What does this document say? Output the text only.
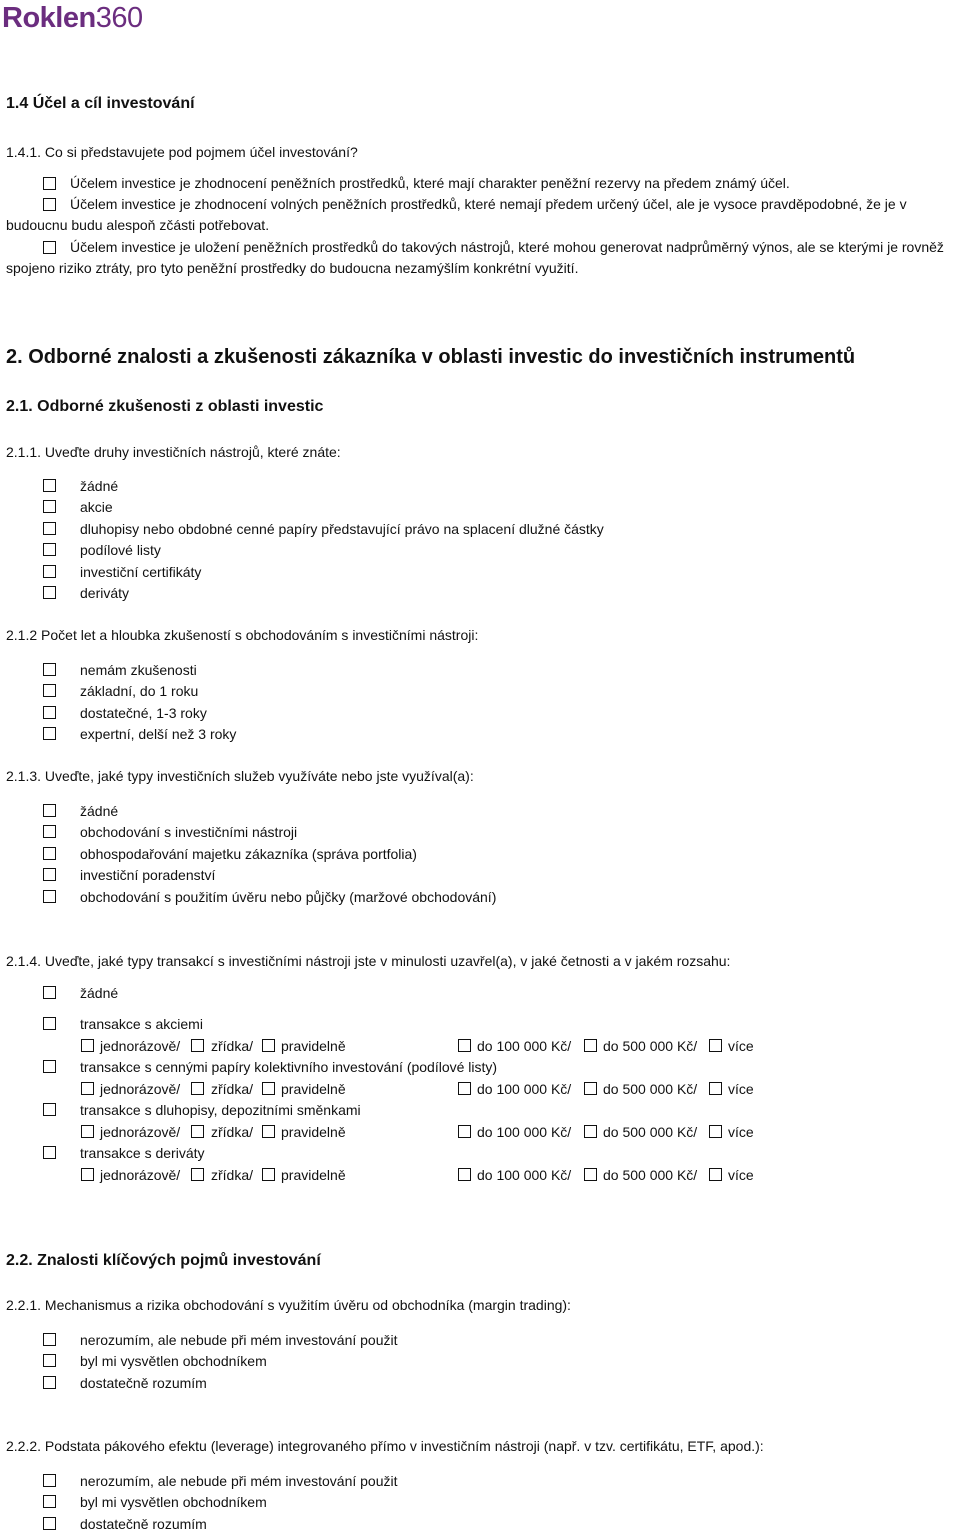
Roklen360
1.4 Účel a cíl investování
1.4.1. Co si představujete pod pojmem účel investování?
Účelem investice je zhodnocení peněžních prostředků, které mají charakter peněžní rezervy na předem známý účel.
Účelem investice je zhodnocení volných peněžních prostředků, které nemají předem určený účel, ale je vysoce pravděpodobné, že je v budoucnu budu alespoň zčásti potřebovat.
Účelem investice je uložení peněžních prostředků do takových nástrojů, které mohou generovat nadprůměrný výnos, ale se kterými je rovněž spojeno riziko ztráty, pro tyto peněžní prostředky do budoucna nezamýšlím konkrétní využití.
2. Odborné znalosti a zkušenosti zákazníka v oblasti investic do investičních instrumentů
2.1. Odborné zkušenosti z oblasti investic
2.1.1. Uveďte druhy investičních nástrojů, které znáte:
žádné
akcie
dluhopisy nebo obdobné cenné papíry představující právo na splacení dlužné částky
podílové listy
investiční certifikáty
deriváty
2.1.2 Počet let a hloubka zkušeností s obchodováním s investičními nástroji:
nemám zkušenosti
základní, do 1 roku
dostatečné, 1-3 roky
expertní, delší než 3 roky
2.1.3. Uveďte, jaké typy investičních služeb využíváte nebo jste využíval(a):
žádné
obchodování s investičními nástroji
obhospodařování majetku zákazníka (správa portfolia)
investiční poradenství
obchodování s použitím úvěru nebo půjčky (maržové obchodování)
2.1.4. Uveďte, jaké typy transakcí s investičními nástroji jste v minulosti uzavřel(a), v jaké četnosti a v jakém rozsahu:
žádné
transakce s akciemi
jednorázově/ zřídka/ pravidelně	do 100 000 Kč/ do 500 000 Kč/ více
transakce s cennými papíry kolektivního investování (podílové listy)
jednorázově/ zřídka/ pravidelně	do 100 000 Kč/ do 500 000 Kč/ více
transakce s dluhopisy, depozitními směnkami
jednorázově/ zřídka/ pravidelně	do 100 000 Kč/ do 500 000 Kč/ více
transakce s deriváty
jednorázově/ zřídka/ pravidelně	do 100 000 Kč/ do 500 000 Kč/ více
2.2. Znalosti klíčových pojmů investování
2.2.1. Mechanismus a rizika obchodování s využitím úvěru od obchodníka (margin trading):
nerozumím, ale nebude při mém investování použit
byl mi vysvětlen obchodníkem
dostatečně rozumím
2.2.2. Podstata pákového efektu (leverage) integrovaného přímo v investičním nástroji (např. v tzv. certifikátu, ETF, apod.):
nerozumím, ale nebude při mém investování použit
byl mi vysvětlen obchodníkem
dostatečně rozumím
